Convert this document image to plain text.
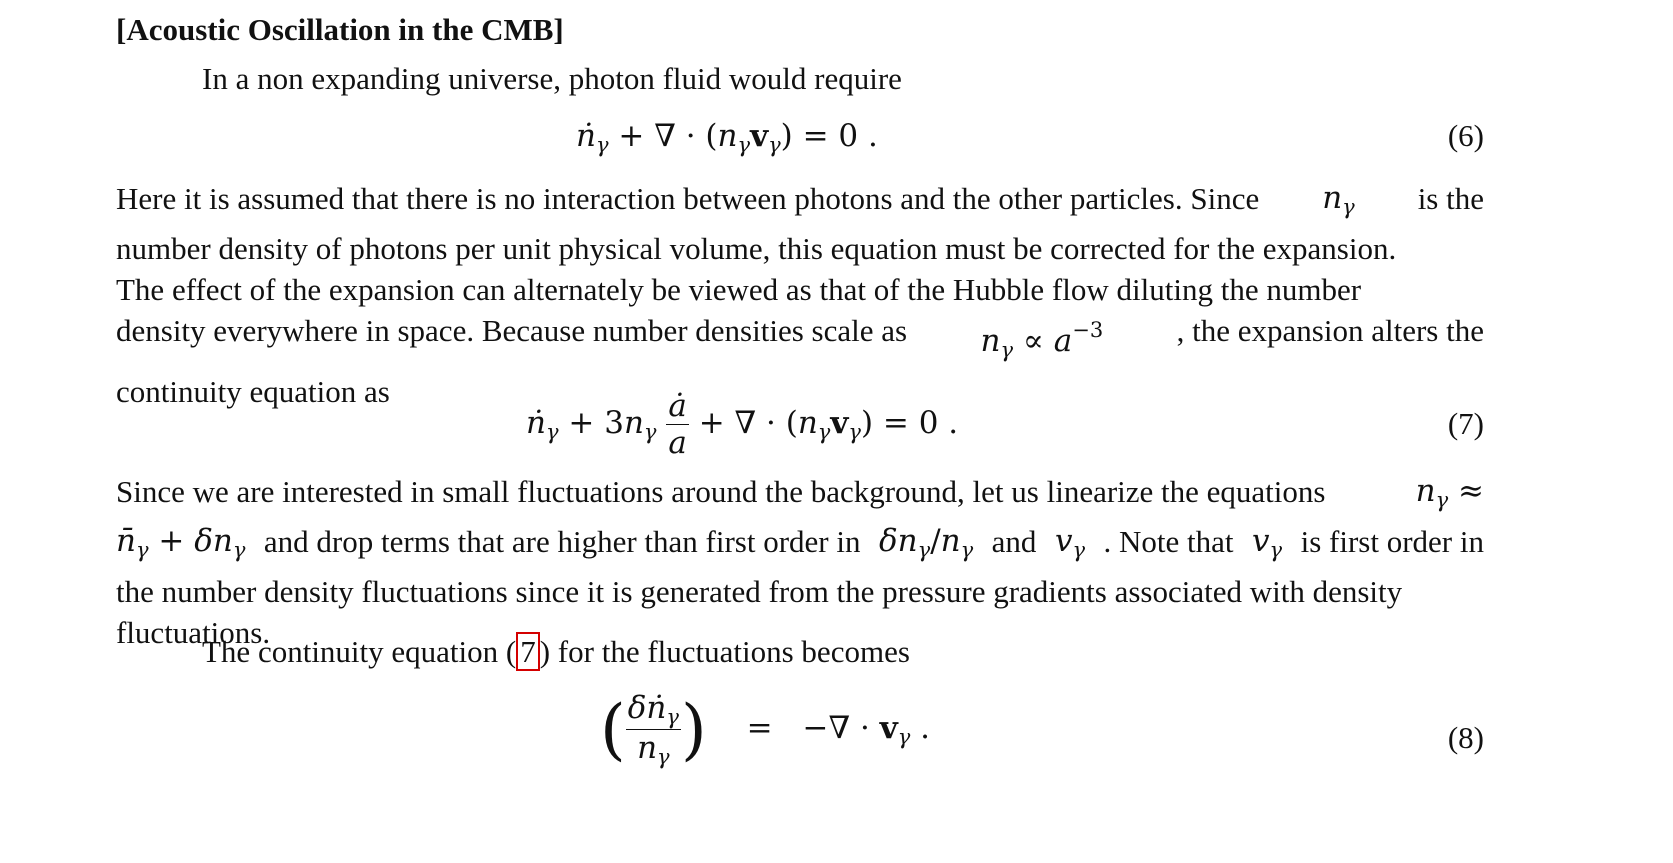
[Acoustic Oscillation in the CMB]
In a non expanding universe, photon fluid would require
ṅ$_\gamma$ + ∇ · $(n_\gamma v_\gamma) = 0$ .	(6)
Here it is assumed that there is no interaction between photons and the other particles. Since $n_\gamma$ is the
number density of photons per unit physical volume, this equation must be corrected for the expansion.
The effect of the expansion can alternately be viewed as that of the Hubble flow diluting the number
density everywhere in space. Because number densities scale as $n_\gamma \propto a^{-3}$ , the expansion alters the
continuity equation as
ṅ$_\gamma$ + $3n_\gamma \frac{ȧ}{a}$ + ∇ · $(n_\gamma v_\gamma) = 0$ .	(7)
Since we are interested in small fluctuations around the background, let us linearize the equations	$n_\gamma$ ≈
$n̄_\gamma + \delta n_\gamma$ and drop terms that are higher than first order in $\delta n_\gamma/n_\gamma$ and $v_\gamma$ . Note that $v_\gamma$ is first order in
the number density fluctuations since it is generated from the pressure gradients associated with density
fluctuations.
The continuity equation ( 7 ) for the fluctuations becomes
( $\frac{\delta ṅ_\gamma}{n_\gamma}$ ) = −∇ · $v_\gamma$ .	(8)
